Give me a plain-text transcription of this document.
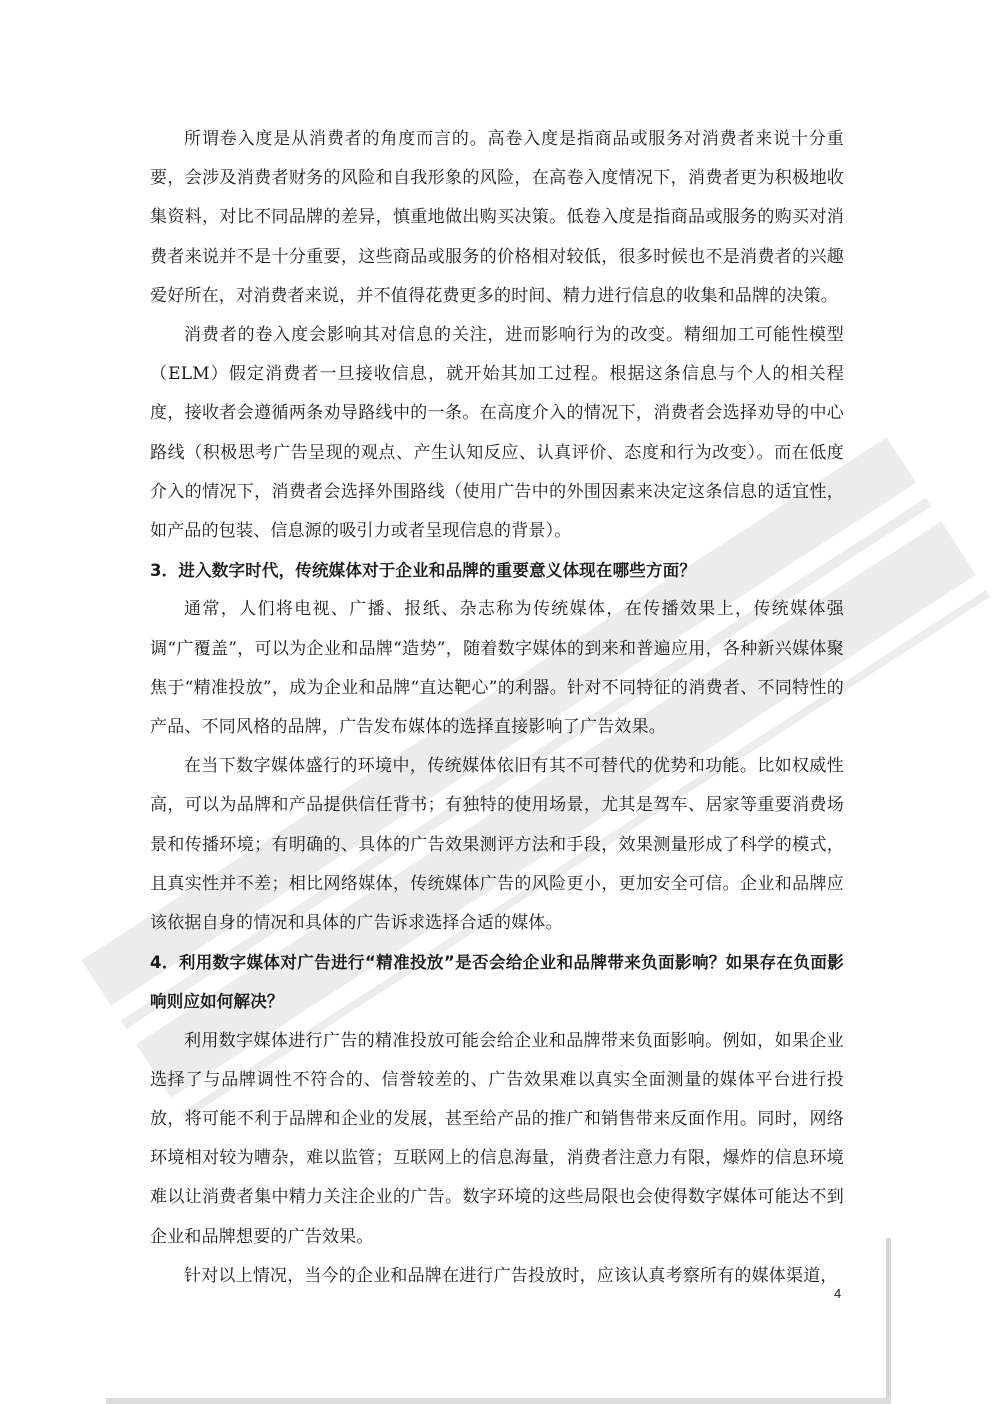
所谓卷入度是从消费者的角度而言的。高卷入度是指商品或服务对消费者来说十分重要，会涉及消费者财务的风险和自我形象的风险，在高卷入度情况下，消费者更为积极地收集资料，对比不同品牌的差异，慎重地做出购买决策。低卷入度是指商品或服务的购买对消费者来说并不是十分重要，这些商品或服务的价格相对较低，很多时候也不是消费者的兴趣爱好所在，对消费者来说，并不值得花费更多的时间、精力进行信息的收集和品牌的决策。

消费者的卷入度会影响其对信息的关注，进而影响行为的改变。精细加工可能性模型（ELM）假定消费者一旦接收信息，就开始其加工过程。根据这条信息与个人的相关程度，接收者会遵循两条劝导路线中的一条。在高度介入的情况下，消费者会选择劝导的中心路线（积极思考广告呈现的观点、产生认知反应、认真评价、态度和行为改变）。而在低度介入的情况下，消费者会选择外围路线（使用广告中的外围因素来决定这条信息的适宜性，如产品的包装、信息源的吸引力或者呈现信息的背景）。

3．进入数字时代，传统媒体对于企业和品牌的重要意义体现在哪些方面？

通常，人们将电视、广播、报纸、杂志称为传统媒体，在传播效果上，传统媒体强调“广覆盖”，可以为企业和品牌“造势”，随着数字媒体的到来和普遍应用，各种新兴媒体聚焦于“精准投放”，成为企业和品牌“直达靶心”的利器。针对不同特征的消费者、不同特性的产品、不同风格的品牌，广告发布媒体的选择直接影响了广告效果。

在当下数字媒体盛行的环境中，传统媒体依旧有其不可替代的优势和功能。比如权威性高，可以为品牌和产品提供信任背书；有独特的使用场景，尤其是驾车、居家等重要消费场景和传播环境；有明确的、具体的广告效果测评方法和手段，效果测量形成了科学的模式，且真实性并不差；相比网络媒体，传统媒体广告的风险更小，更加安全可信。企业和品牌应该依据自身的情况和具体的广告诉求选择合适的媒体。

4．利用数字媒体对广告进行“精准投放”是否会给企业和品牌带来负面影响？如果存在负面影响则应如何解决？

利用数字媒体进行广告的精准投放可能会给企业和品牌带来负面影响。例如，如果企业选择了与品牌调性不符合的、信誉较差的、广告效果难以真实全面测量的媒体平台进行投放，将可能不利于品牌和企业的发展，甚至给产品的推广和销售带来反面作用。同时，网络环境相对较为嘈杂，难以监管；互联网上的信息海量，消费者注意力有限，爆炸的信息环境难以让消费者集中精力关注企业的广告。数字环境的这些局限也会使得数字媒体可能达不到企业和品牌想要的广告效果。

针对以上情况，当今的企业和品牌在进行广告投放时，应该认真考察所有的媒体渠道，

4
